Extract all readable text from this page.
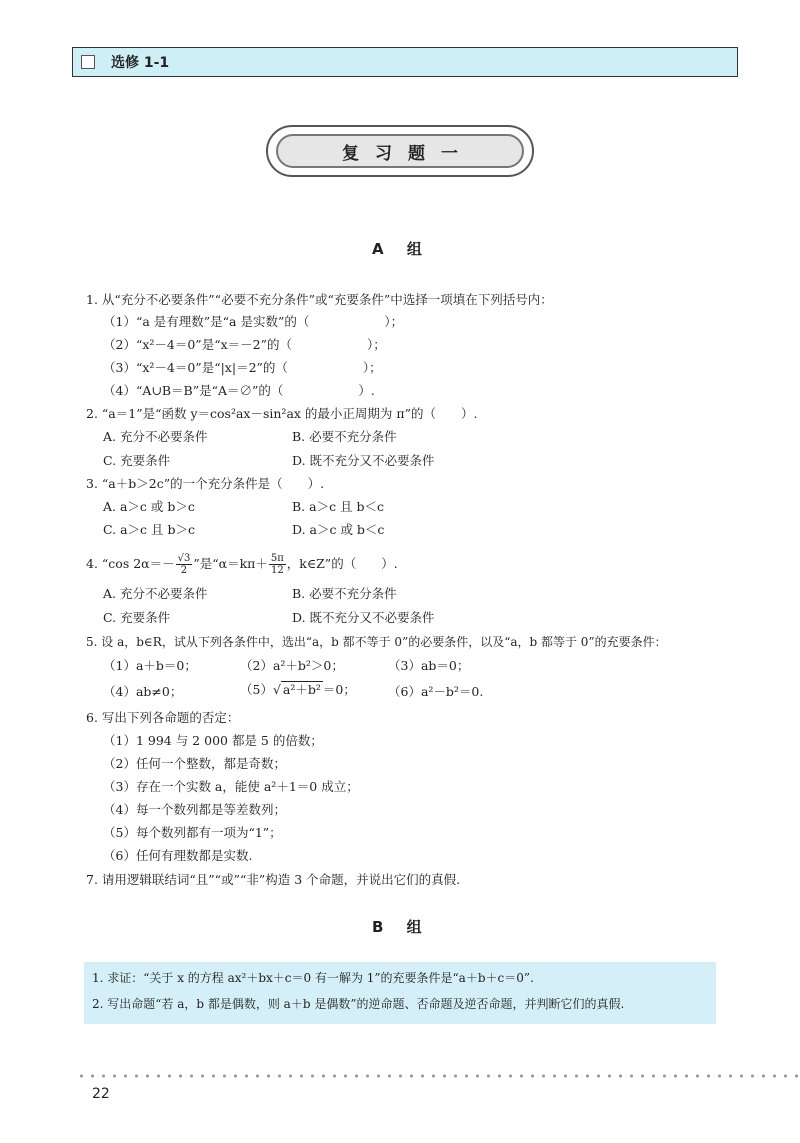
选修 1-1
复习题一
A 组
1. 从“充分不必要条件”“必要不充分条件”或“充要条件”中选择一项填在下列括号内：
（1）“a 是有理数”是“a 是实数”的（　　　　　　）；
（2）“x²－4＝0”是“x＝－2”的（　　　　　　）；
（3）“x²－4＝0”是“|x|＝2”的（　　　　　　）；
（4）“A∪B＝B”是“A＝∅”的（　　　　　　）.
2. “a＝1”是“函数 y＝cos²ax－sin²ax 的最小正周期为 π”的（　　）.
A. 充分不必要条件	B. 必要不充分条件
C. 充要条件	D. 既不充分又不必要条件
3. “a＋b＞2c”的一个充分条件是（　　）.
A. a＞c 或 b＞c	B. a＞c 且 b＜c
C. a＞c 且 b＞c	D. a＞c 或 b＜c
4. “cos $2\alpha=- \frac{√3}{2}$ ”是“$\alpha=k\pi+ \frac{5\pi}{12}$ ，k∈Z”的（　　）.
A. 充分不必要条件	B. 必要不充分条件
C. 充要条件	D. 既不充分又不必要条件
5. 设 a，b∈R，试从下列各条件中，选出“a，b 都不等于 0”的必要条件，以及“a，b 都等于 0”的充要条件：
（1）a＋b＝0；	（2）a²＋b²＞0；	（3）ab＝0；
（4）ab≠0；	（5）√ a²＋b² ＝0；	（6）a²－b²＝0.
6. 写出下列各命题的否定：
（1）1 994 与 2 000 都是 5 的倍数；
（2）任何一个整数，都是奇数；
（3）存在一个实数 a，能使 a²＋1＝0 成立；
（4）每一个数列都是等差数列；
（5）每个数列都有一项为“1”；
（6）任何有理数都是实数.
7. 请用逻辑联结词“且”“或”“非”构造 3 个命题，并说出它们的真假.
B 组
1. 求证：“关于 x 的方程 ax²＋bx＋c＝0 有一解为 1”的充要条件是“a＋b＋c＝0”.
2. 写出命题“若 a，b 都是偶数，则 a＋b 是偶数”的逆命题、否命题及逆否命题，并判断它们的真假.
22
